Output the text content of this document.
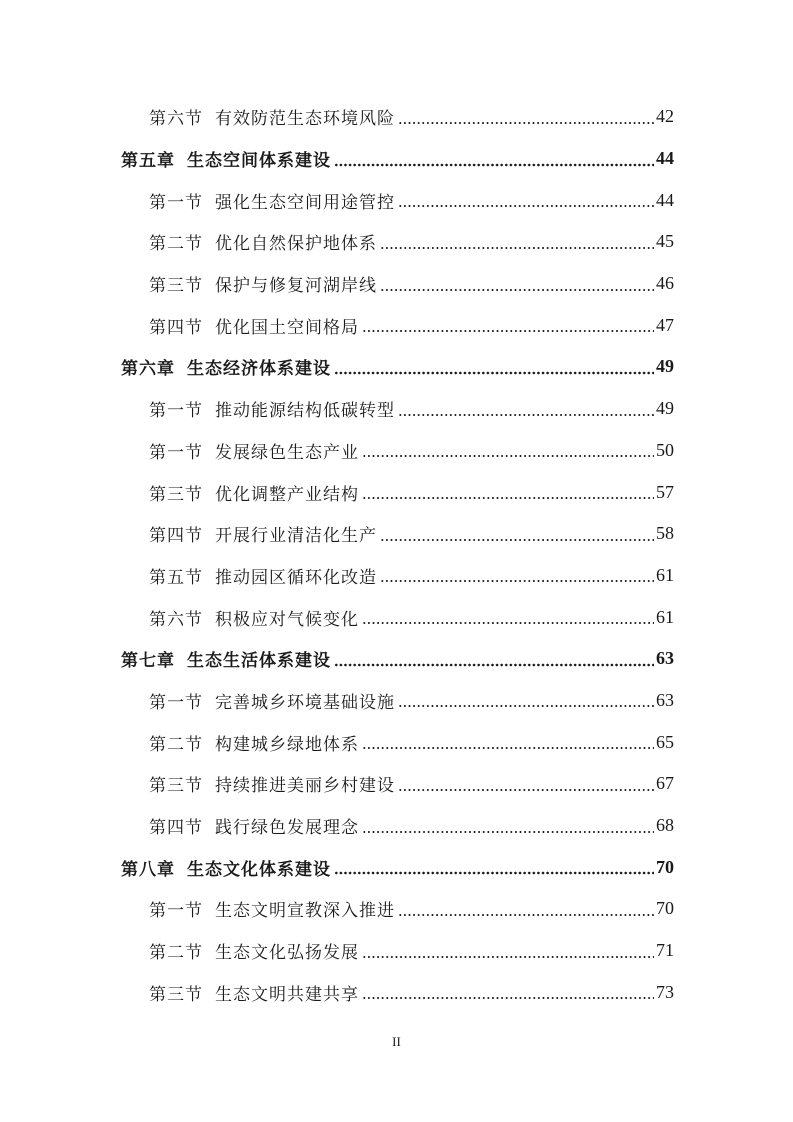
第六节 有效防范生态环境风险	42
第五章 生态空间体系建设	44
第一节 强化生态空间用途管控	44
第二节 优化自然保护地体系	45
第三节 保护与修复河湖岸线	46
第四节 优化国土空间格局	47
第六章 生态经济体系建设	49
第一节 推动能源结构低碳转型	49
第一节 发展绿色生态产业	50
第三节 优化调整产业结构	57
第四节 开展行业清洁化生产	58
第五节 推动园区循环化改造	61
第六节 积极应对气候变化	61
第七章 生态生活体系建设	63
第一节 完善城乡环境基础设施	63
第二节 构建城乡绿地体系	65
第三节 持续推进美丽乡村建设	67
第四节 践行绿色发展理念	68
第八章 生态文化体系建设	70
第一节 生态文明宣教深入推进	70
第二节 生态文化弘扬发展	71
第三节 生态文明共建共享	73
II
